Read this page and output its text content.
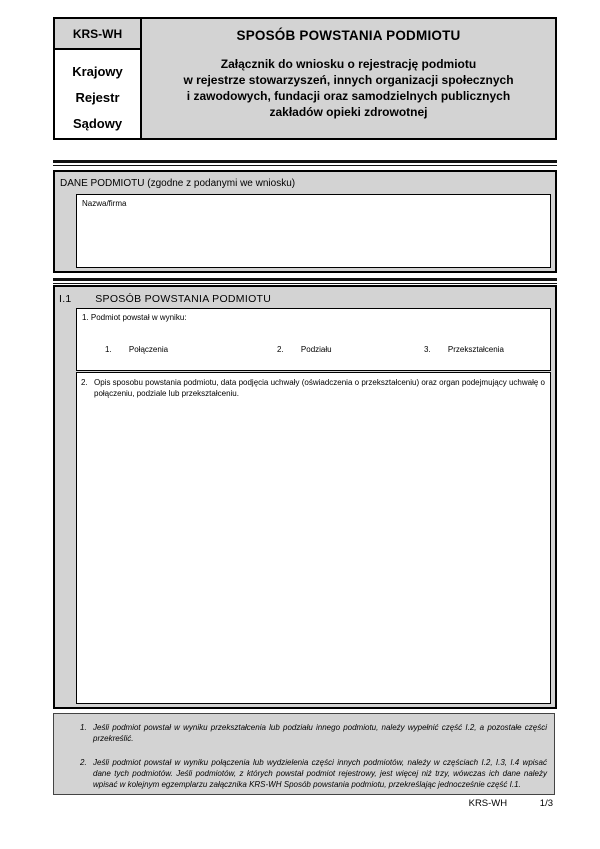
KRS-WH
Krajowy
Rejestr
Sądowy
SPOSÓB POWSTANIA PODMIOTU
Załącznik do wniosku o rejestrację podmiotu
w rejestrze stowarzyszeń, innych organizacji społecznych
i zawodowych, fundacji oraz samodzielnych publicznych
zakładów opieki zdrowotnej
DANE PODMIOTU (zgodne z podanymi we wniosku)
Nazwa/firma
I.1 SPOSÓB POWSTANIA PODMIOTU
1. Podmiot powstał w wyniku:
1. Połączenia	2. Podziału	3. Przekształcenia
2. Opis sposobu powstania podmiotu, data podjęcia uchwały (oświadczenia o przekształceniu) oraz organ podejmujący uchwałę o połączeniu, podziale lub przekształceniu.
1. Jeśli podmiot powstał w wyniku przekształcenia lub podziału innego podmiotu, należy wypełnić część I.2, a pozostałe części przekreślić.
2. Jeśli podmiot powstał w wyniku połączenia lub wydzielenia części innych podmiotów, należy w częściach I.2, I.3, I.4 wpisać dane tych podmiotów. Jeśli podmiotów, z których powstał podmiot rejestrowy, jest więcej niż trzy, wówczas ich dane należy wpisać w kolejnym egzemplarzu załącznika KRS-WH Sposób powstania podmiotu, przekreślając jednocześnie część I.1.
KRS-WH	1/3
